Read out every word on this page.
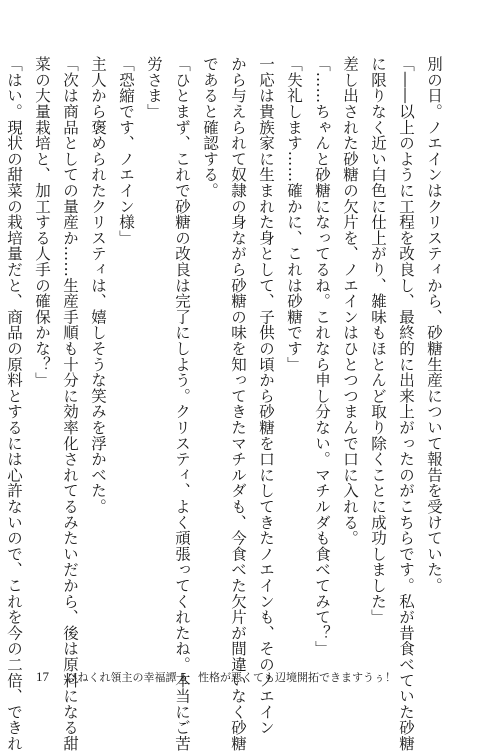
別の日。ノエインはクリスティから、砂糖生産について報告を受けていた。
「――以上のように工程を改良し、最終的に出来上がったのがこちらです。私が昔食べていた砂糖
に限りなく近い白色に仕上がり、雑味もほとんど取り除くことに成功しました」
差し出された砂糖の欠片を、ノエインはひとつつまんで口に入れる。
「……ちゃんと砂糖になってるね。これなら申し分ない。マチルダも食べてみて？」
「失礼します……確かに、これは砂糖です」
一応は貴族家に生まれた身として、子供の頃から砂糖を口にしてきたノエインも、そのノエイン
から与えられて奴隷の身ながら砂糖の味を知ってきたマチルダも、今食べた欠片が間違いなく砂糖
であると確認する。
「ひとまず、これで砂糖の改良は完了にしよう。クリスティ、よく頑張ってくれたね。本当にご苦
労さま」
「恐縮です、ノエイン様」
主人から褒められたクリスティは、嬉しそうな笑みを浮かべた。
「次は商品としての量産か……生産手順も十分に効率化されてるみたいだから、後は原料になる甜
菜の大量栽培と、加工する人手の確保かな？」
「はい。現状の甜菜の栽培量だと、商品の原料とするには心許ないので、これを今の二倍、できれ	17 ひねくれ領主の幸福譚 5　性格が悪くても辺境開拓できますうぅ！
